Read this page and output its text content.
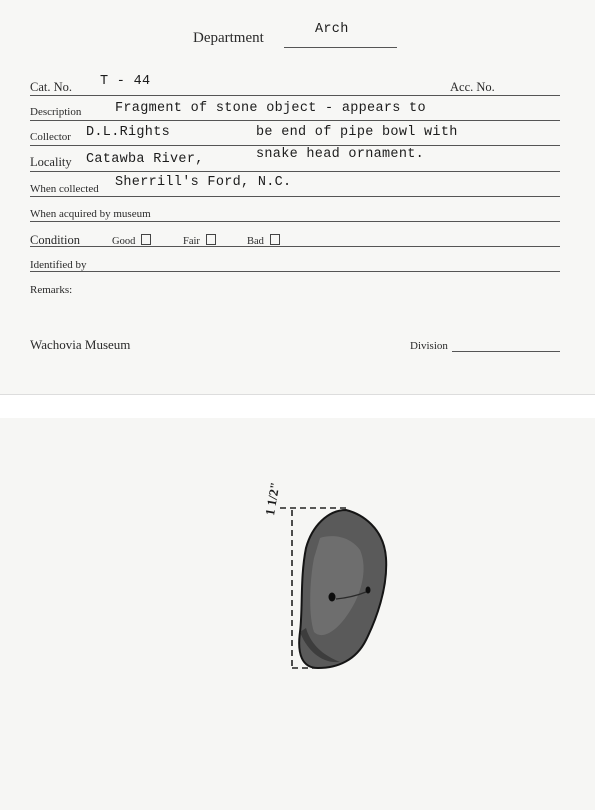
Department
Arch
Cat. No. T - 44	Acc. No.
Description Fragment of stone object - appears to
Collector D.L.Rights	be end of pipe bowl with
Locality Catawba River,	snake head ornament.
When collected Sherrill's Ford, N.C.
When acquired by museum
Condition	Good	Fair	Bad
Identified by
Remarks:
Wachovia Museum	Division
1 1/2"
